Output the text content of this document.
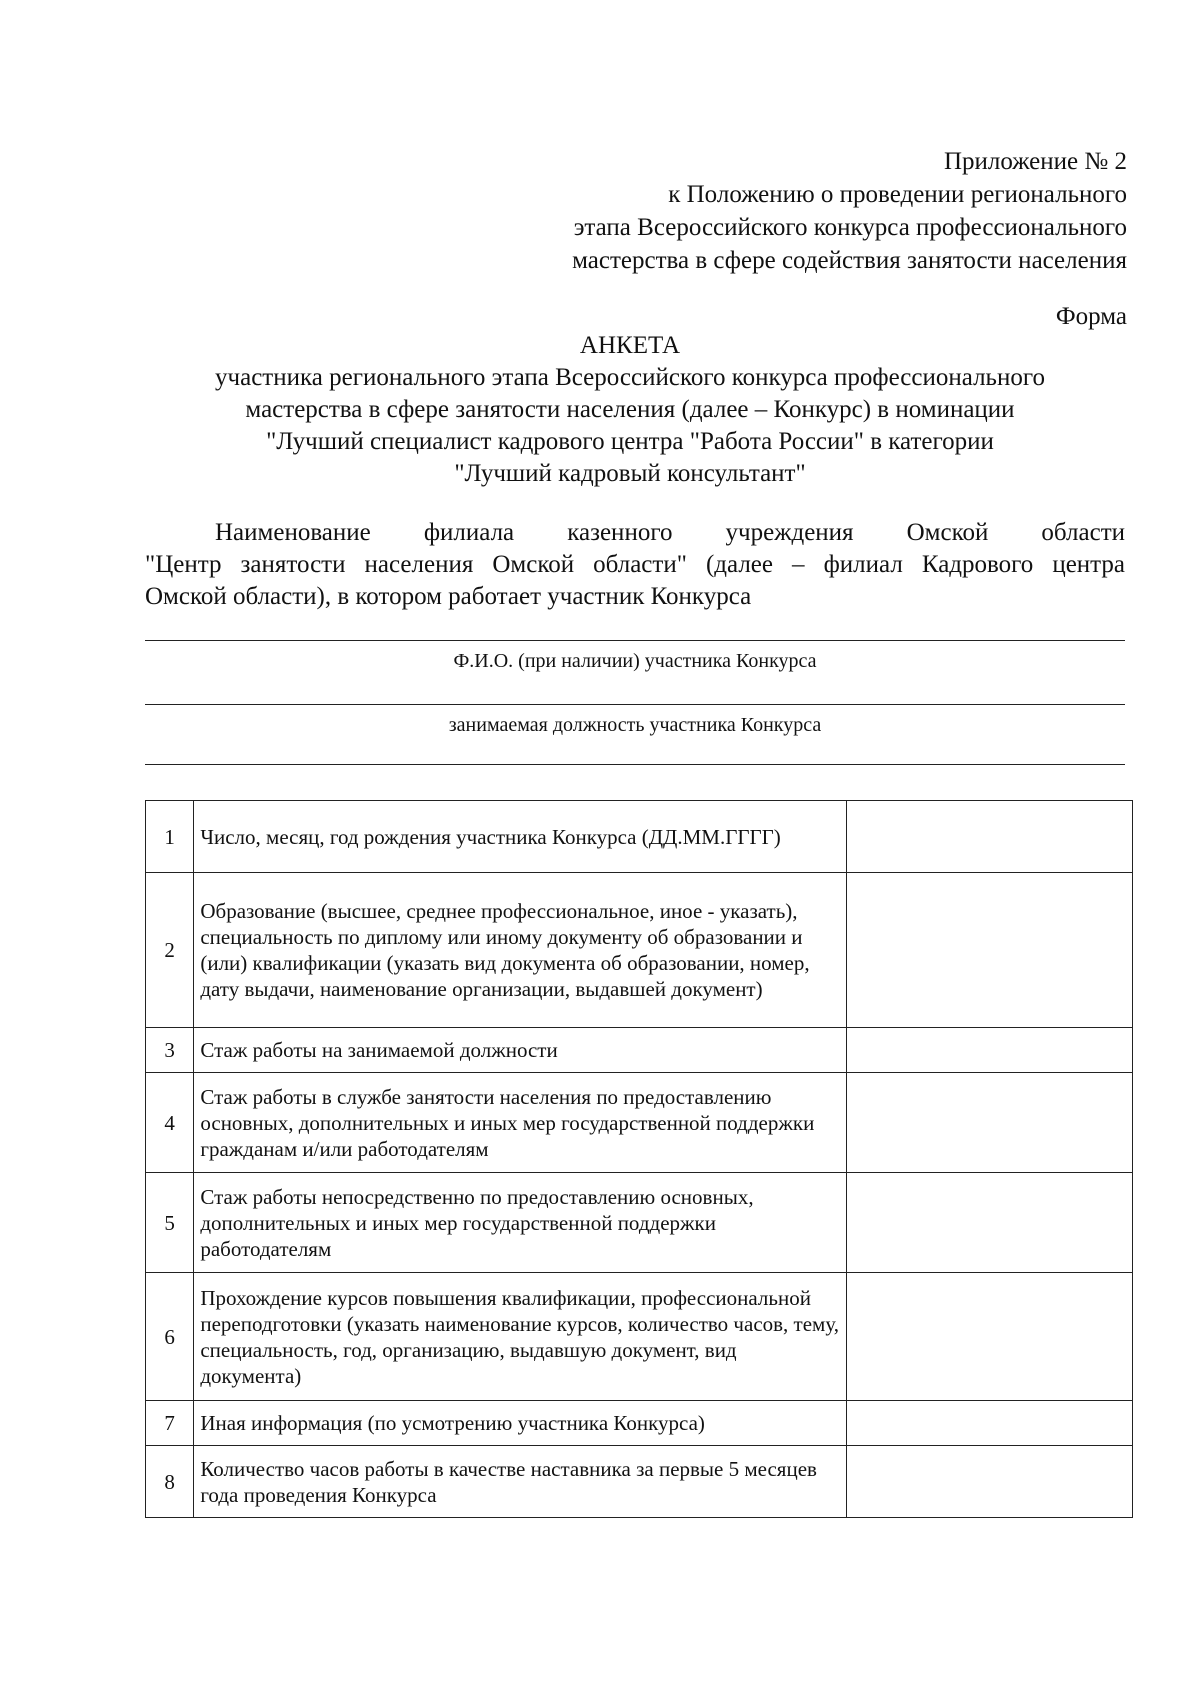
Приложение № 2
к Положению о проведении регионального
этапа Всероссийского конкурса профессионального
мастерства в сфере содействия занятости населения
Форма
АНКЕТА
участника регионального этапа Всероссийского конкурса профессионального
мастерства в сфере занятости населения (далее – Конкурс) в номинации
"Лучший специалист кадрового центра "Работа России" в категории
"Лучший кадровый консультант"
Наименование филиала казенного учреждения Омской области
"Центр занятости населения Омской области" (далее – филиал Кадрового центра
Омской области), в котором работает участник Конкурса
Ф.И.О. (при наличии) участника Конкурса
занимаемая должность участника Конкурса
1	Число, месяц, год рождения участника Конкурса (ДД.ММ.ГГГГ)	
2	Образование (высшее, среднее профессиональное, иное - указать), специальность по диплому или иному документу об образовании и (или) квалификации (указать вид документа об образовании, номер, дату выдачи, наименование организации, выдавшей документ)	
3	Стаж работы на занимаемой должности	
4	Стаж работы в службе занятости населения по предоставлению основных, дополнительных и иных мер государственной поддержки гражданам и/или работодателям	
5	Стаж работы непосредственно по предоставлению основных, дополнительных и иных мер государственной поддержки работодателям	
6	Прохождение курсов повышения квалификации, профессиональной переподготовки (указать наименование курсов, количество часов, тему, специальность, год, организацию, выдавшую документ, вид документа)	
7	Иная информация (по усмотрению участника Конкурса)	
8	Количество часов работы в качестве наставника за первые 5 месяцев года проведения Конкурса	
